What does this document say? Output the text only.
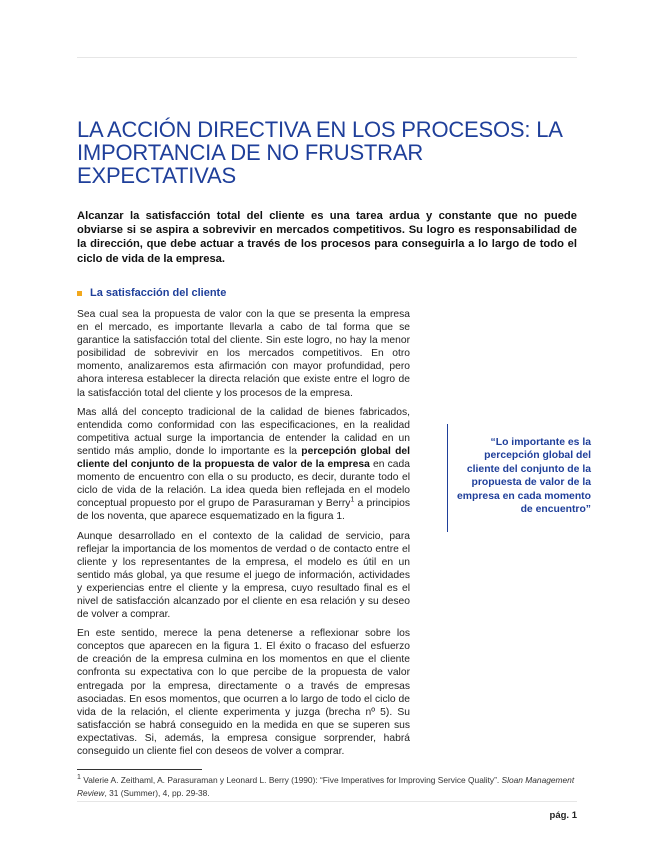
LA ACCIÓN DIRECTIVA EN LOS PROCESOS: LA IMPORTANCIA DE NO FRUSTRAR EXPECTATIVAS

Alcanzar la satisfacción total del cliente es una tarea ardua y constante que no puede obviarse si se aspira a sobrevivir en mercados competitivos. Su logro es responsabilidad de la dirección, que debe actuar a través de los procesos para conseguirla a lo largo de todo el ciclo de vida de la empresa.

La satisfacción del cliente

Sea cual sea la propuesta de valor con la que se presenta la empresa en el mercado, es importante llevarla a cabo de tal forma que se garantice la satisfacción total del cliente. Sin este logro, no hay la menor posibilidad de sobrevivir en los mercados competitivos. En otro momento, analizaremos esta afirmación con mayor profundidad, pero ahora interesa establecer la directa relación que existe entre el logro de la satisfacción total del cliente y los procesos de la empresa.

Mas allá del concepto tradicional de la calidad de bienes fabricados, entendida como conformidad con las especificaciones, en la realidad competitiva actual surge la importancia de entender la calidad en un sentido más amplio, donde lo importante es la percepción global del cliente del conjunto de la propuesta de valor de la empresa en cada momento de encuentro con ella o su producto, es decir, durante todo el ciclo de vida de la relación. La idea queda bien reflejada en el modelo conceptual propuesto por el grupo de Parasuraman y Berry$^1$ a principios de los noventa, que aparece esquematizado en la figura 1.

Aunque desarrollado en el contexto de la calidad de servicio, para reflejar la importancia de los momentos de verdad o de contacto entre el cliente y los representantes de la empresa, el modelo es útil en un sentido más global, ya que resume el juego de información, actividades y experiencias entre el cliente y la empresa, cuyo resultado final es el nivel de satisfacción alcanzado por el cliente en esa relación y su deseo de volver a comprar.

En este sentido, merece la pena detenerse a reflexionar sobre los conceptos que aparecen en la figura 1. El éxito o fracaso del esfuerzo de creación de la empresa culmina en los momentos en que el cliente confronta su expectativa con lo que percibe de la propuesta de valor entregada por la empresa, directamente o a través de empresas asociadas. En esos momentos, que ocurren a lo largo de todo el ciclo de vida de la relación, el cliente experimenta y juzga (brecha nº 5). Su satisfacción se habrá conseguido en la medida en que se superen sus expectativas. Si, además, la empresa consigue sorprender, habrá conseguido un cliente fiel con deseos de volver a comprar.

“Lo importante es la percepción global del cliente del conjunto de la propuesta de valor de la empresa en cada momento de encuentro”

$^1$ Valerie A. Zeithaml, A. Parasuraman y Leonard L. Berry (1990): “Five Imperatives for Improving Service Quality”. Sloan Management Review, 31 (Summer), 4, pp. 29-38.

pág. 1
